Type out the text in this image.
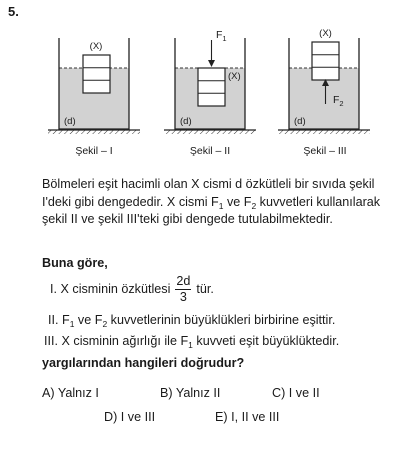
5.
(X)
(d)
Şekil – I
$F_1$
(X)
(d)
Şekil – II
(X)
$F_2$
(d)
Şekil – III
Bölmeleri eşit hacimli olan X cismi d özkütleli bir sıvıda şekil I'deki gibi dengededir. X cismi $F_1$ ve $F_2$ kuvvetleri kullanılarak şekil II ve şekil III'teki gibi dengede tutulabilmektedir.
Buna göre,
I. X cisminin özkütlesi $\frac{2d}{3}$ tür.
II. $F_1$ ve $F_2$ kuvvetlerinin büyüklükleri birbirine eşittir.
III. X cisminin ağırlığı ile $F_1$ kuvveti eşit büyüklüktedir.
yargılarından hangileri doğrudur?
A) Yalnız I	B) Yalnız II	C) I ve II
D) I ve III	E) I, II ve III
